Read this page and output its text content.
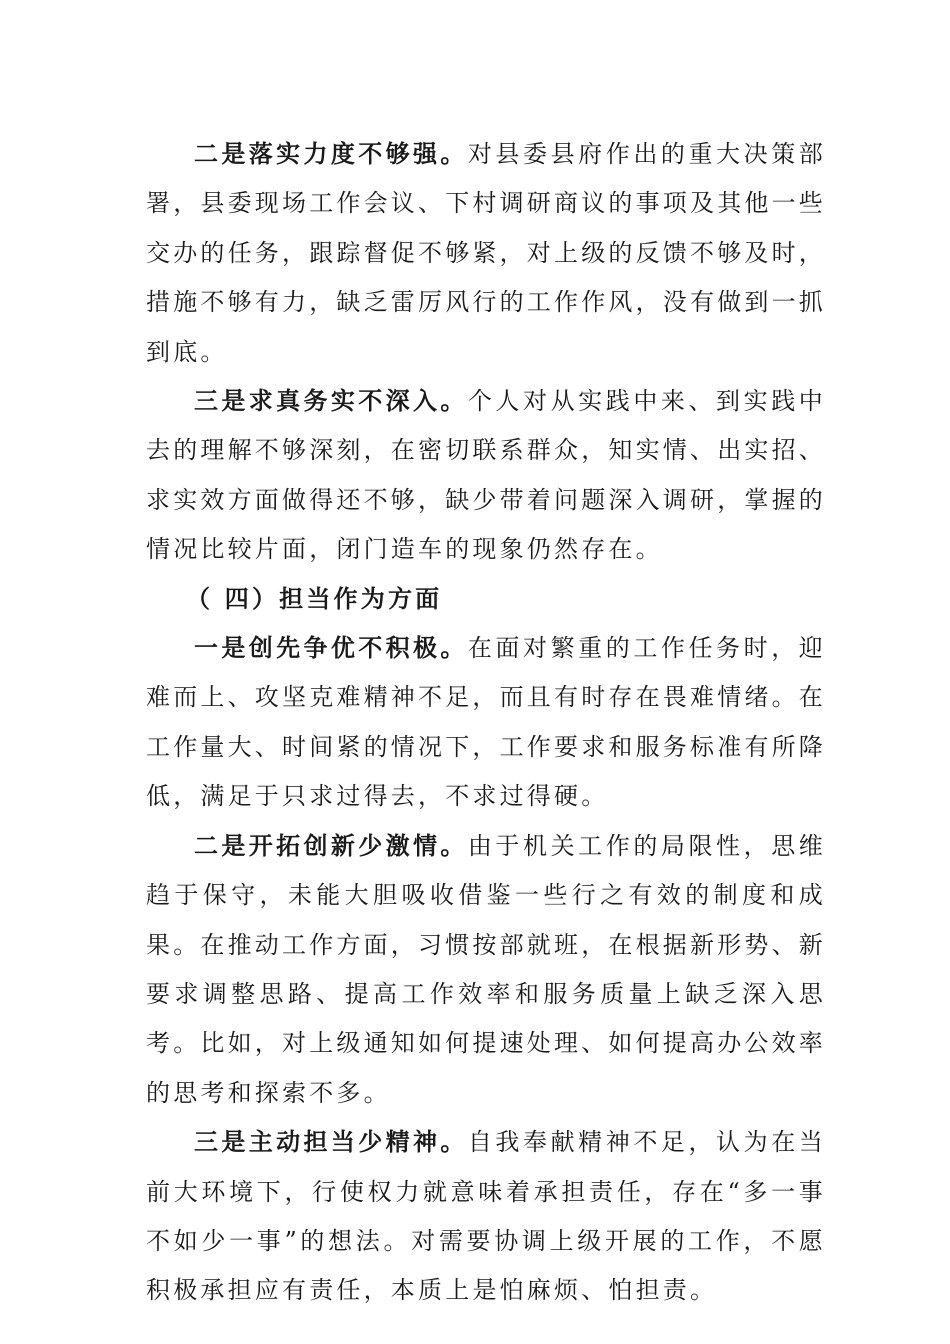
二是落实力度不够强。对县委县府作出的重大决策部署，县委现场工作会议、下村调研商议的事项及其他一些交办的任务，跟踪督促不够紧，对上级的反馈不够及时，措施不够有力，缺乏雷厉风行的工作作风，没有做到一抓到底。

三是求真务实不深入。个人对从实践中来、到实践中去的理解不够深刻，在密切联系群众，知实情、出实招、求实效方面做得还不够，缺少带着问题深入调研，掌握的情况比较片面，闭门造车的现象仍然存在。

（ 四）担当作为方面

一是创先争优不积极。在面对繁重的工作任务时，迎难而上、攻坚克难精神不足，而且有时存在畏难情绪。在工作量大、时间紧的情况下，工作要求和服务标准有所降低，满足于只求过得去，不求过得硬。

二是开拓创新少激情。由于机关工作的局限性，思维趋于保守，未能大胆吸收借鉴一些行之有效的制度和成果。在推动工作方面，习惯按部就班，在根据新形势、新要求调整思路、提高工作效率和服务质量上缺乏深入思考。比如，对上级通知如何提速处理、如何提高办公效率的思考和探索不多。

三是主动担当少精神。自我奉献精神不足，认为在当前大环境下，行使权力就意味着承担责任，存在“多一事不如少一事”的想法。对需要协调上级开展的工作，不愿积极承担应有责任，本质上是怕麻烦、怕担责。
